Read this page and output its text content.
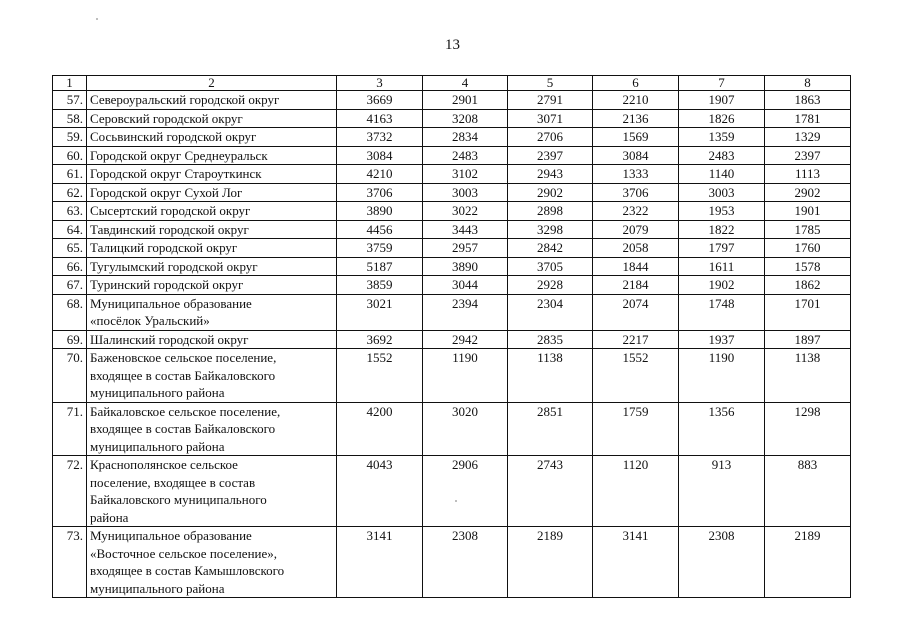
13
1	2	3	4	5	6	7	8
57.	Североуральский городской округ	3669	2901	2791	2210	1907	1863
58.	Серовский городской округ	4163	3208	3071	2136	1826	1781
59.	Сосьвинский городской округ	3732	2834	2706	1569	1359	1329
60.	Городской округ Среднеуральск	3084	2483	2397	3084	2483	2397
61.	Городской округ Староуткинск	4210	3102	2943	1333	1140	1113
62.	Городской округ Сухой Лог	3706	3003	2902	3706	3003	2902
63.	Сысертский городской округ	3890	3022	2898	2322	1953	1901
64.	Тавдинский городской округ	4456	3443	3298	2079	1822	1785
65.	Талицкий городской округ	3759	2957	2842	2058	1797	1760
66.	Тугулымский городской округ	5187	3890	3705	1844	1611	1578
67.	Туринский городской округ	3859	3044	2928	2184	1902	1862
68.	Муниципальное образование
«посёлок Уральский»	3021	2394	2304	2074	1748	1701
69.	Шалинский городской округ	3692	2942	2835	2217	1937	1897
70.	Баженовское сельское поселение,
входящее в состав Байкаловского
муниципального района	1552	1190	1138	1552	1190	1138
71.	Байкаловское сельское поселение,
входящее в состав Байкаловского
муниципального района	4200	3020	2851	1759	1356	1298
72.	Краснополянское сельское
поселение, входящее в состав
Байкаловского муниципального
района	4043	2906	2743	1120	913	883
73.	Муниципальное образование
«Восточное сельское поселение»,
входящее в состав Камышловского
муниципального района	3141	2308	2189	3141	2308	2189
